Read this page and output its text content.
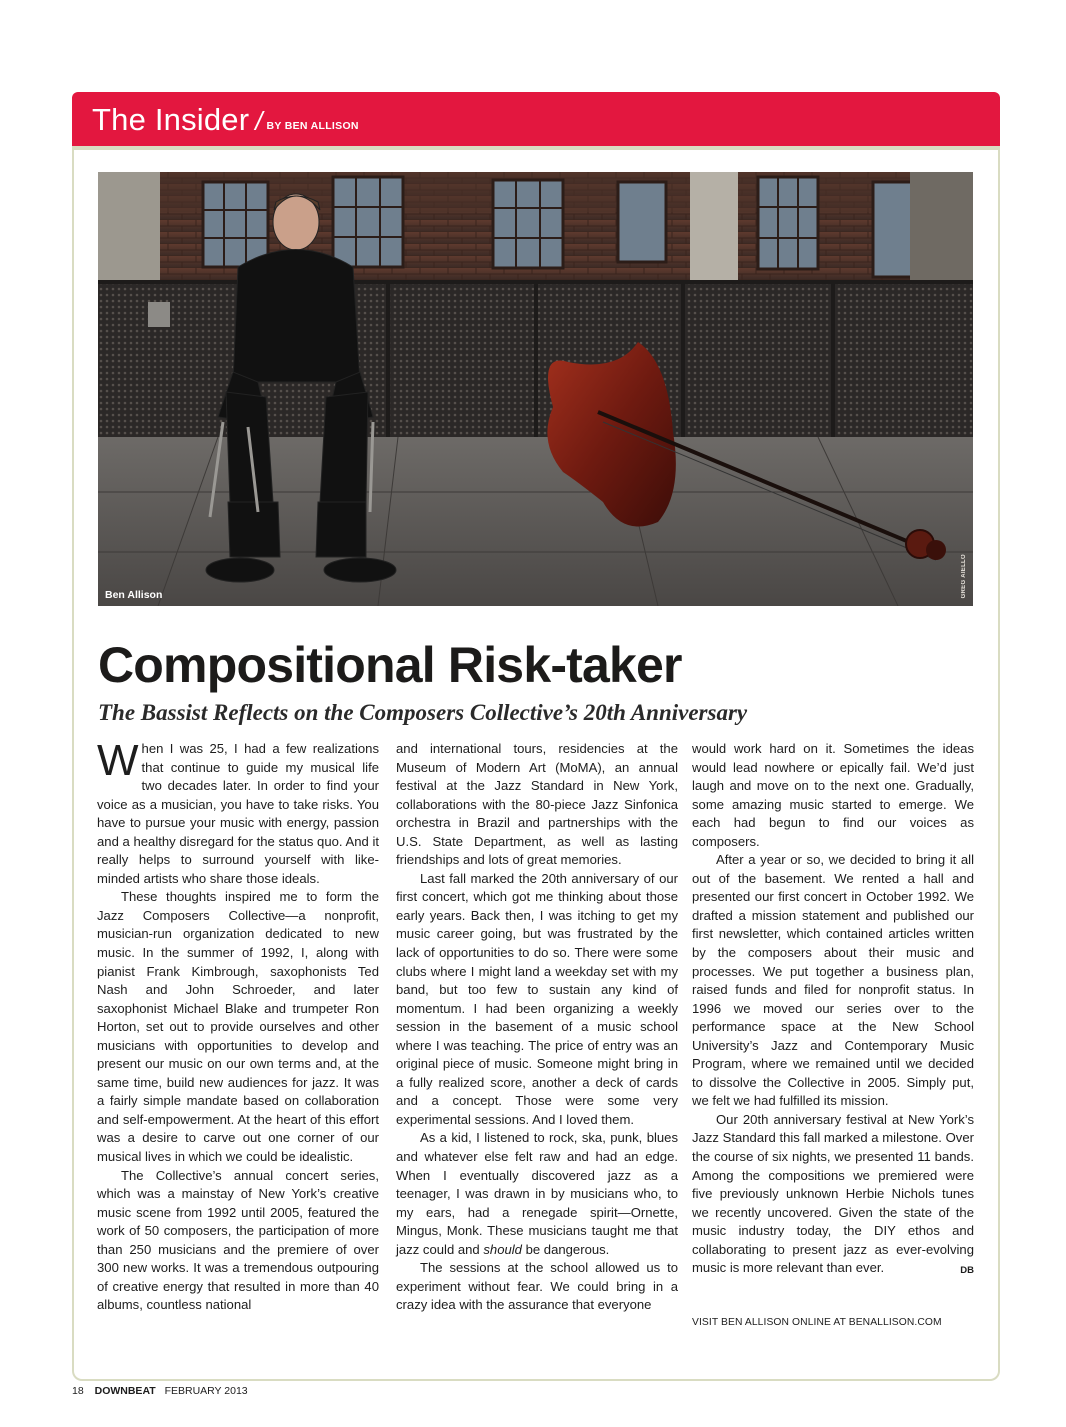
The Insider / BY BEN ALLISON
Ben Allison	GREG AIELLO
Compositional Risk-taker
The Bassist Reflects on the Composers Collective’s 20th Anniversary

When I was 25, I had a few realizations that continue to guide my musical life two decades later. In order to find your voice as a musician, you have to take risks. You have to pursue your music with energy, passion and a healthy disregard for the status quo. And it really helps to surround yourself with like-minded artists who share those ideals.

These thoughts inspired me to form the Jazz Composers Collective—a nonprofit, musician-run organization dedicated to new music. In the summer of 1992, I, along with pianist Frank Kimbrough, saxophonists Ted Nash and John Schroeder, and later saxophonist Michael Blake and trumpeter Ron Horton, set out to provide ourselves and other musicians with opportunities to develop and present our music on our own terms and, at the same time, build new audiences for jazz. It was a fairly simple mandate based on collaboration and self-empowerment. At the heart of this effort was a desire to carve out one corner of our musical lives in which we could be idealistic.

The Collective’s annual concert series, which was a mainstay of New York’s creative music scene from 1992 until 2005, featured the work of 50 composers, the participation of more than 250 musicians and the premiere of over 300 new works. It was a tremendous outpouring of creative energy that resulted in more than 40 albums, countless national

and international tours, residencies at the Museum of Modern Art (MoMA), an annual festival at the Jazz Standard in New York, collaborations with the 80-piece Jazz Sinfonica orchestra in Brazil and partnerships with the U.S. State Department, as well as lasting friendships and lots of great memories.

Last fall marked the 20th anniversary of our first concert, which got me thinking about those early years. Back then, I was itching to get my music career going, but was frustrated by the lack of opportunities to do so. There were some clubs where I might land a weekday set with my band, but too few to sustain any kind of momentum. I had been organizing a weekly session in the basement of a music school where I was teaching. The price of entry was an original piece of music. Someone might bring in a fully realized score, another a deck of cards and a concept. Those were some very experimental sessions. And I loved them.

As a kid, I listened to rock, ska, punk, blues and whatever else felt raw and had an edge. When I eventually discovered jazz as a teenager, I was drawn in by musicians who, to my ears, had a renegade spirit—Ornette, Mingus, Monk. These musicians taught me that jazz could and should be dangerous.

The sessions at the school allowed us to experiment without fear. We could bring in a crazy idea with the assurance that everyone

would work hard on it. Sometimes the ideas would lead nowhere or epically fail. We’d just laugh and move on to the next one. Gradually, some amazing music started to emerge. We each had begun to find our voices as composers.

After a year or so, we decided to bring it all out of the basement. We rented a hall and presented our first concert in October 1992. We drafted a mission statement and published our first newsletter, which contained articles written by the composers about their music and processes. We put together a business plan, raised funds and filed for nonprofit status. In 1996 we moved our series over to the performance space at the New School University’s Jazz and Contemporary Music Program, where we remained until we decided to dissolve the Collective in 2005. Simply put, we felt we had fulfilled its mission.

Our 20th anniversary festival at New York’s Jazz Standard this fall marked a milestone. Over the course of six nights, we presented 11 bands. Among the compositions we premiered were five previously unknown Herbie Nichols tunes we recently uncovered. Given the state of the music industry today, the DIY ethos and collaborating to present jazz as ever-evolving music is more relevant than ever.	DB

VISIT BEN ALLISON ONLINE AT BENALLISON.COM
18 DOWNBEAT FEBRUARY 2013
